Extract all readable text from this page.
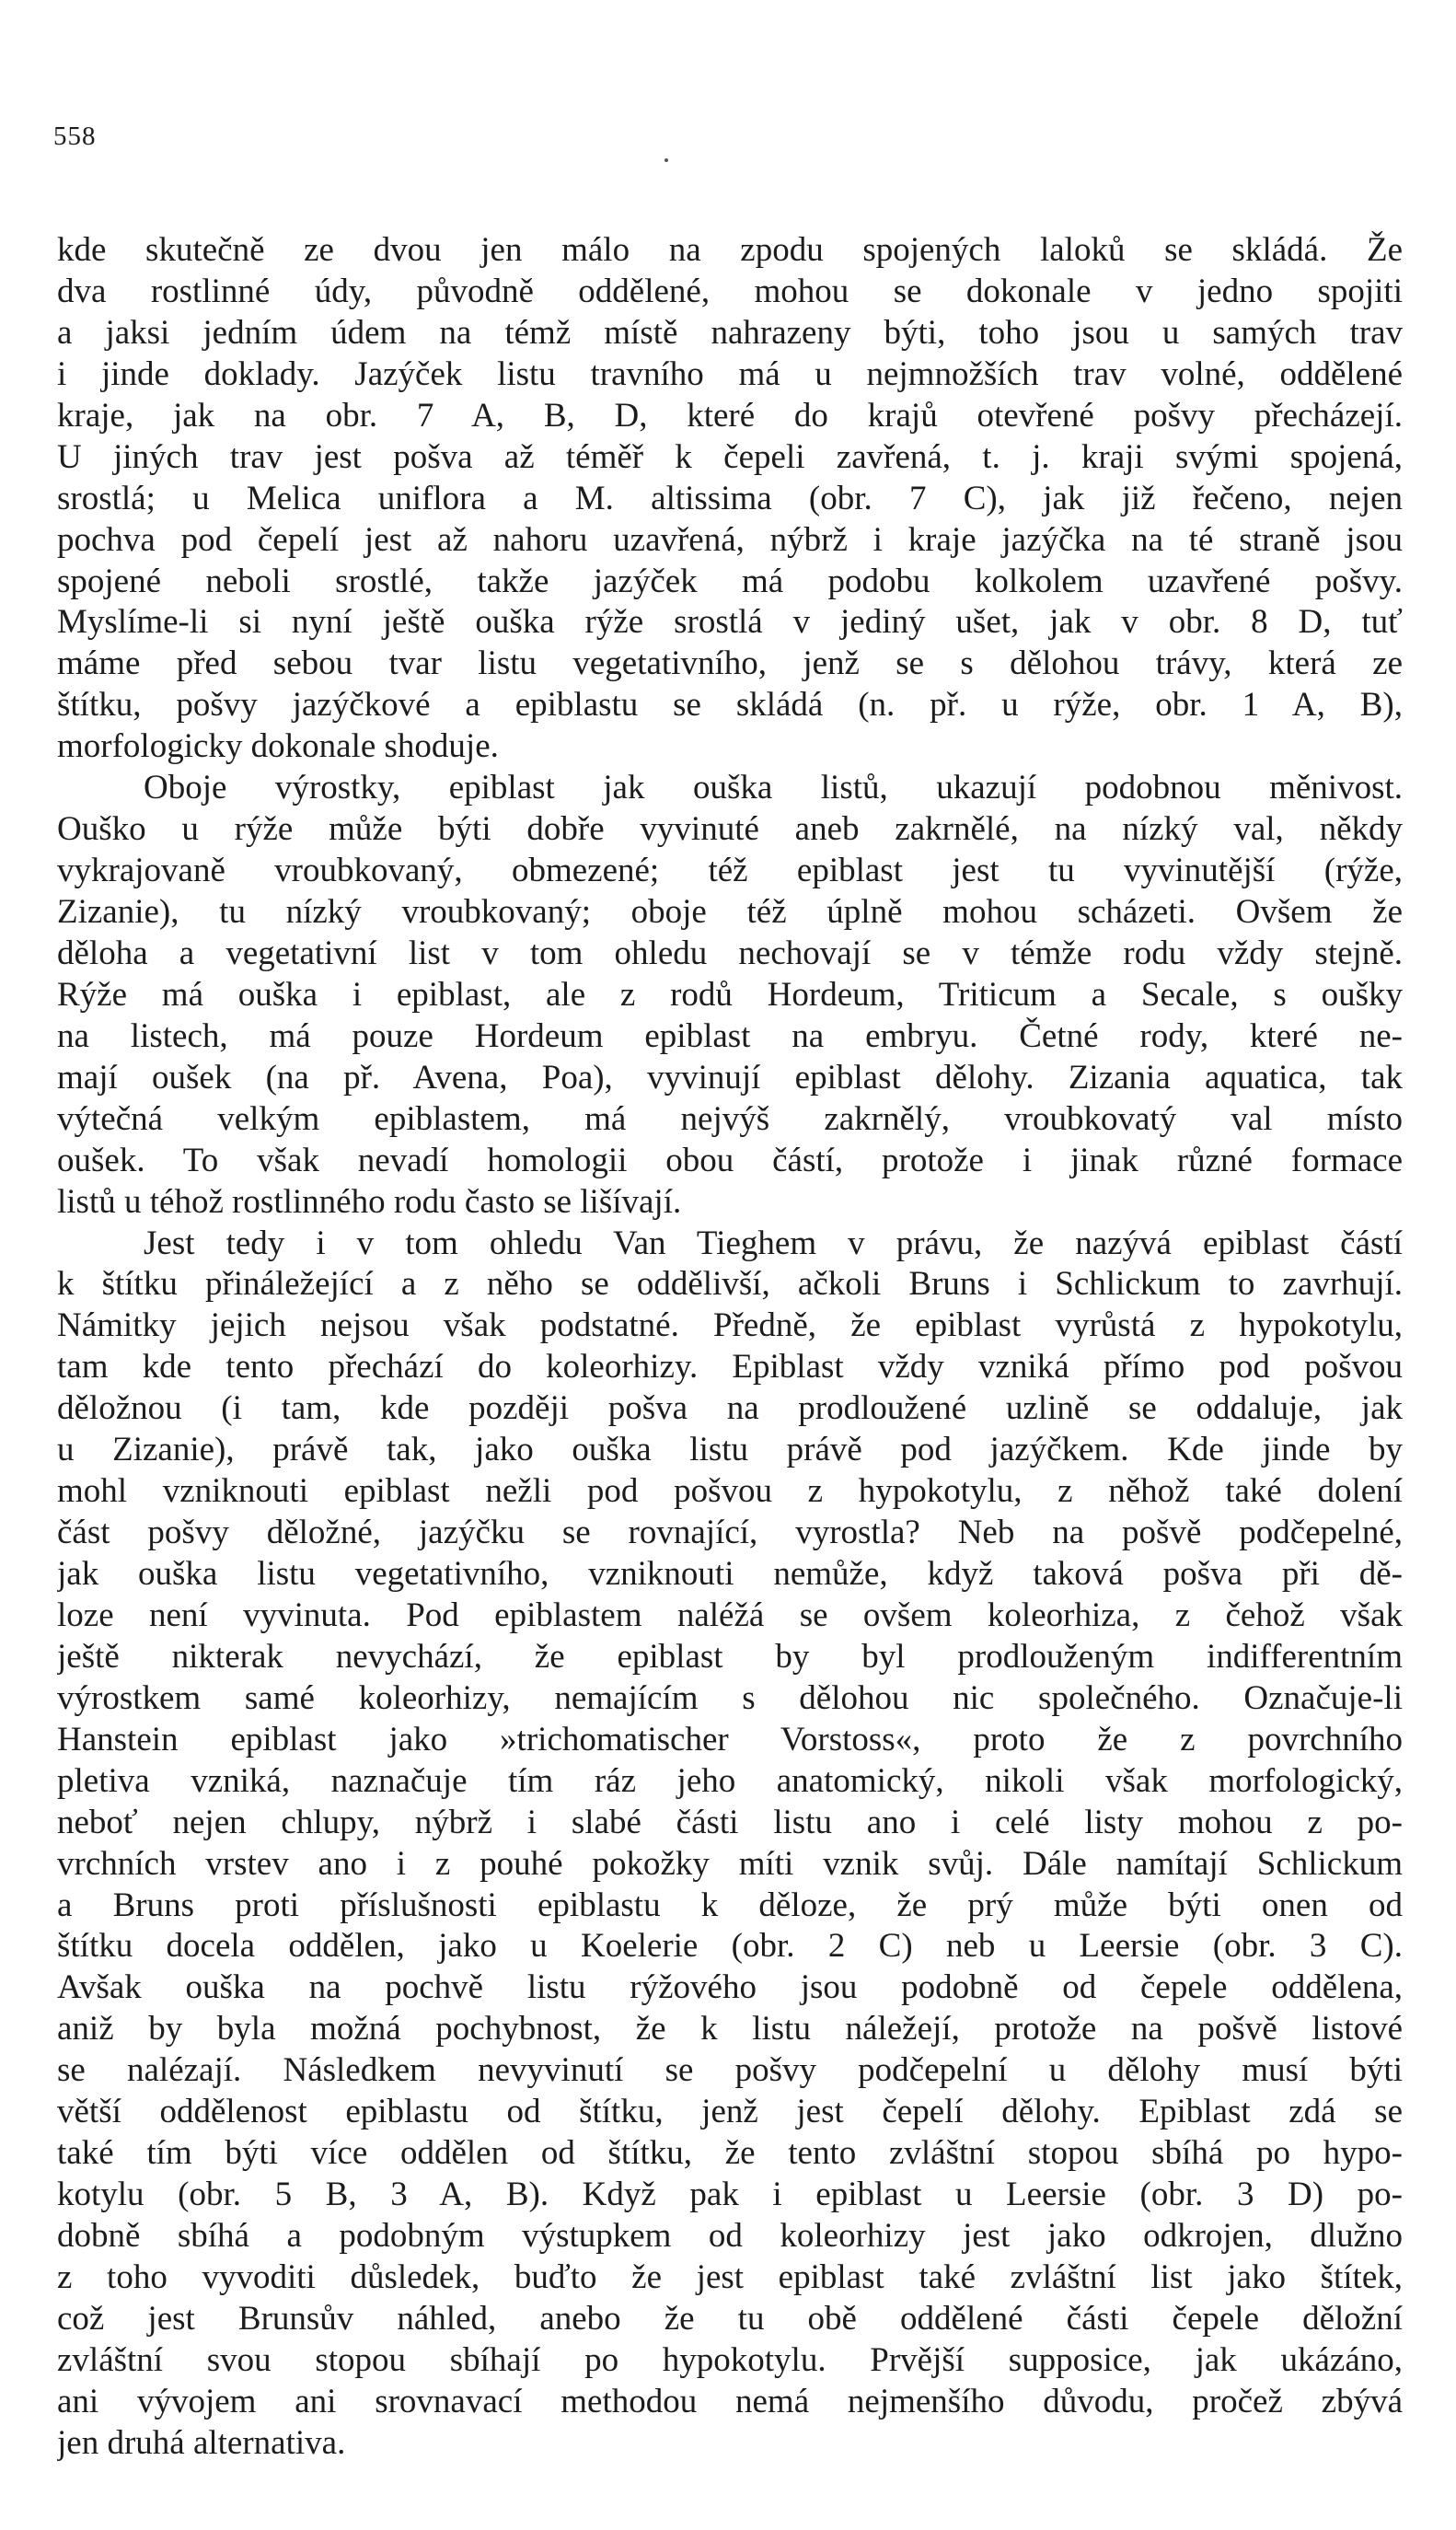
558
kde skutečně ze dvou jen málo na zpodu spojených laloků se skládá. Že
dva rostlinné údy, původně oddělené, mohou se dokonale v jedno spojiti
a jaksi jedním údem na témž místě nahrazeny býti, toho jsou u samých trav
i jinde doklady. Jazýček listu travního má u nejmnožších trav volné, oddělené
kraje, jak na obr. 7 A, B, D, které do krajů otevřené pošvy přecházejí.
U jiných trav jest pošva až téměř k čepeli zavřená, t. j. kraji svými spojená,
srostlá; u Melica uniflora a M. altissima (obr. 7 C), jak již řečeno, nejen
pochva pod čepelí jest až nahoru uzavřená, nýbrž i kraje jazýčka na té straně jsou
spojené neboli srostlé, takže jazýček má podobu kolkolem uzavřené pošvy.
Myslíme-li si nyní ještě ouška rýže srostlá v jediný ušet, jak v obr. 8 D, tuť
máme před sebou tvar listu vegetativního, jenž se s dělohou trávy, která ze
štítku, pošvy jazýčkové a epiblastu se skládá (n. př. u rýže, obr. 1 A, B),
morfologicky dokonale shoduje.
Oboje výrostky, epiblast jak ouška listů, ukazují podobnou měnivost.
Ouško u rýže může býti dobře vyvinuté aneb zakrnělé, na nízký val, někdy
vykrajovaně vroubkovaný, obmezené; též epiblast jest tu vyvinutější (rýže,
Zizanie), tu nízký vroubkovaný; oboje též úplně mohou scházeti. Ovšem že
děloha a vegetativní list v tom ohledu nechovají se v témže rodu vždy stejně.
Rýže má ouška i epiblast, ale z rodů Hordeum, Triticum a Secale, s oušky
na listech, má pouze Hordeum epiblast na embryu. Četné rody, které ne-
mají oušek (na př. Avena, Poa), vyvinují epiblast dělohy. Zizania aquatica, tak
výtečná velkým epiblastem, má nejvýš zakrnělý, vroubkovatý val místo
oušek. To však nevadí homologii obou částí, protože i jinak různé formace
listů u téhož rostlinného rodu často se lišívají.
Jest tedy i v tom ohledu Van Tieghem v právu, že nazývá epiblast částí
k štítku přináležející a z něho se oddělivší, ačkoli Bruns i Schlickum to zavrhují.
Námitky jejich nejsou však podstatné. Předně, že epiblast vyrůstá z hypokotylu,
tam kde tento přechází do koleorhizy. Epiblast vždy vzniká přímo pod pošvou
děložnou (i tam, kde později pošva na prodloužené uzlině se oddaluje, jak
u Zizanie), právě tak, jako ouška listu právě pod jazýčkem. Kde jinde by
mohl vzniknouti epiblast nežli pod pošvou z hypokotylu, z něhož také dolení
část pošvy děložné, jazýčku se rovnající, vyrostla? Neb na pošvě podčepelné,
jak ouška listu vegetativního, vzniknouti nemůže, když taková pošva při dě-
loze není vyvinuta. Pod epiblastem naléžá se ovšem koleorhiza, z čehož však
ještě nikterak nevychází, že epiblast by byl prodlouženým indifferentním
výrostkem samé koleorhizy, nemajícím s dělohou nic společného. Označuje-li
Hanstein epiblast jako »trichomatischer Vorstoss«, proto že z povrchního
pletiva vzniká, naznačuje tím ráz jeho anatomický, nikoli však morfologický,
neboť nejen chlupy, nýbrž i slabé části listu ano i celé listy mohou z po-
vrchních vrstev ano i z pouhé pokožky míti vznik svůj. Dále namítají Schlickum
a Bruns proti příslušnosti epiblastu k děloze, že prý může býti onen od
štítku docela oddělen, jako u Koelerie (obr. 2 C) neb u Leersie (obr. 3 C).
Avšak ouška na pochvě listu rýžového jsou podobně od čepele oddělena,
aniž by byla možná pochybnost, že k listu náležejí, protože na pošvě listové
se nalézají. Následkem nevyvinutí se pošvy podčepelní u dělohy musí býti
větší oddělenost epiblastu od štítku, jenž jest čepelí dělohy. Epiblast zdá se
také tím býti více oddělen od štítku, že tento zvláštní stopou sbíhá po hypo-
kotylu (obr. 5 B, 3 A, B). Když pak i epiblast u Leersie (obr. 3 D) po-
dobně sbíhá a podobným výstupkem od koleorhizy jest jako odkrojen, dlužno
z toho vyvoditi důsledek, buďto že jest epiblast také zvláštní list jako štítek,
což jest Brunsův náhled, anebo že tu obě oddělené části čepele děložní
zvláštní svou stopou sbíhají po hypokotylu. Prvější supposice, jak ukázáno,
ani vývojem ani srovnavací methodou nemá nejmenšího důvodu, pročež zbývá
jen druhá alternativa.
